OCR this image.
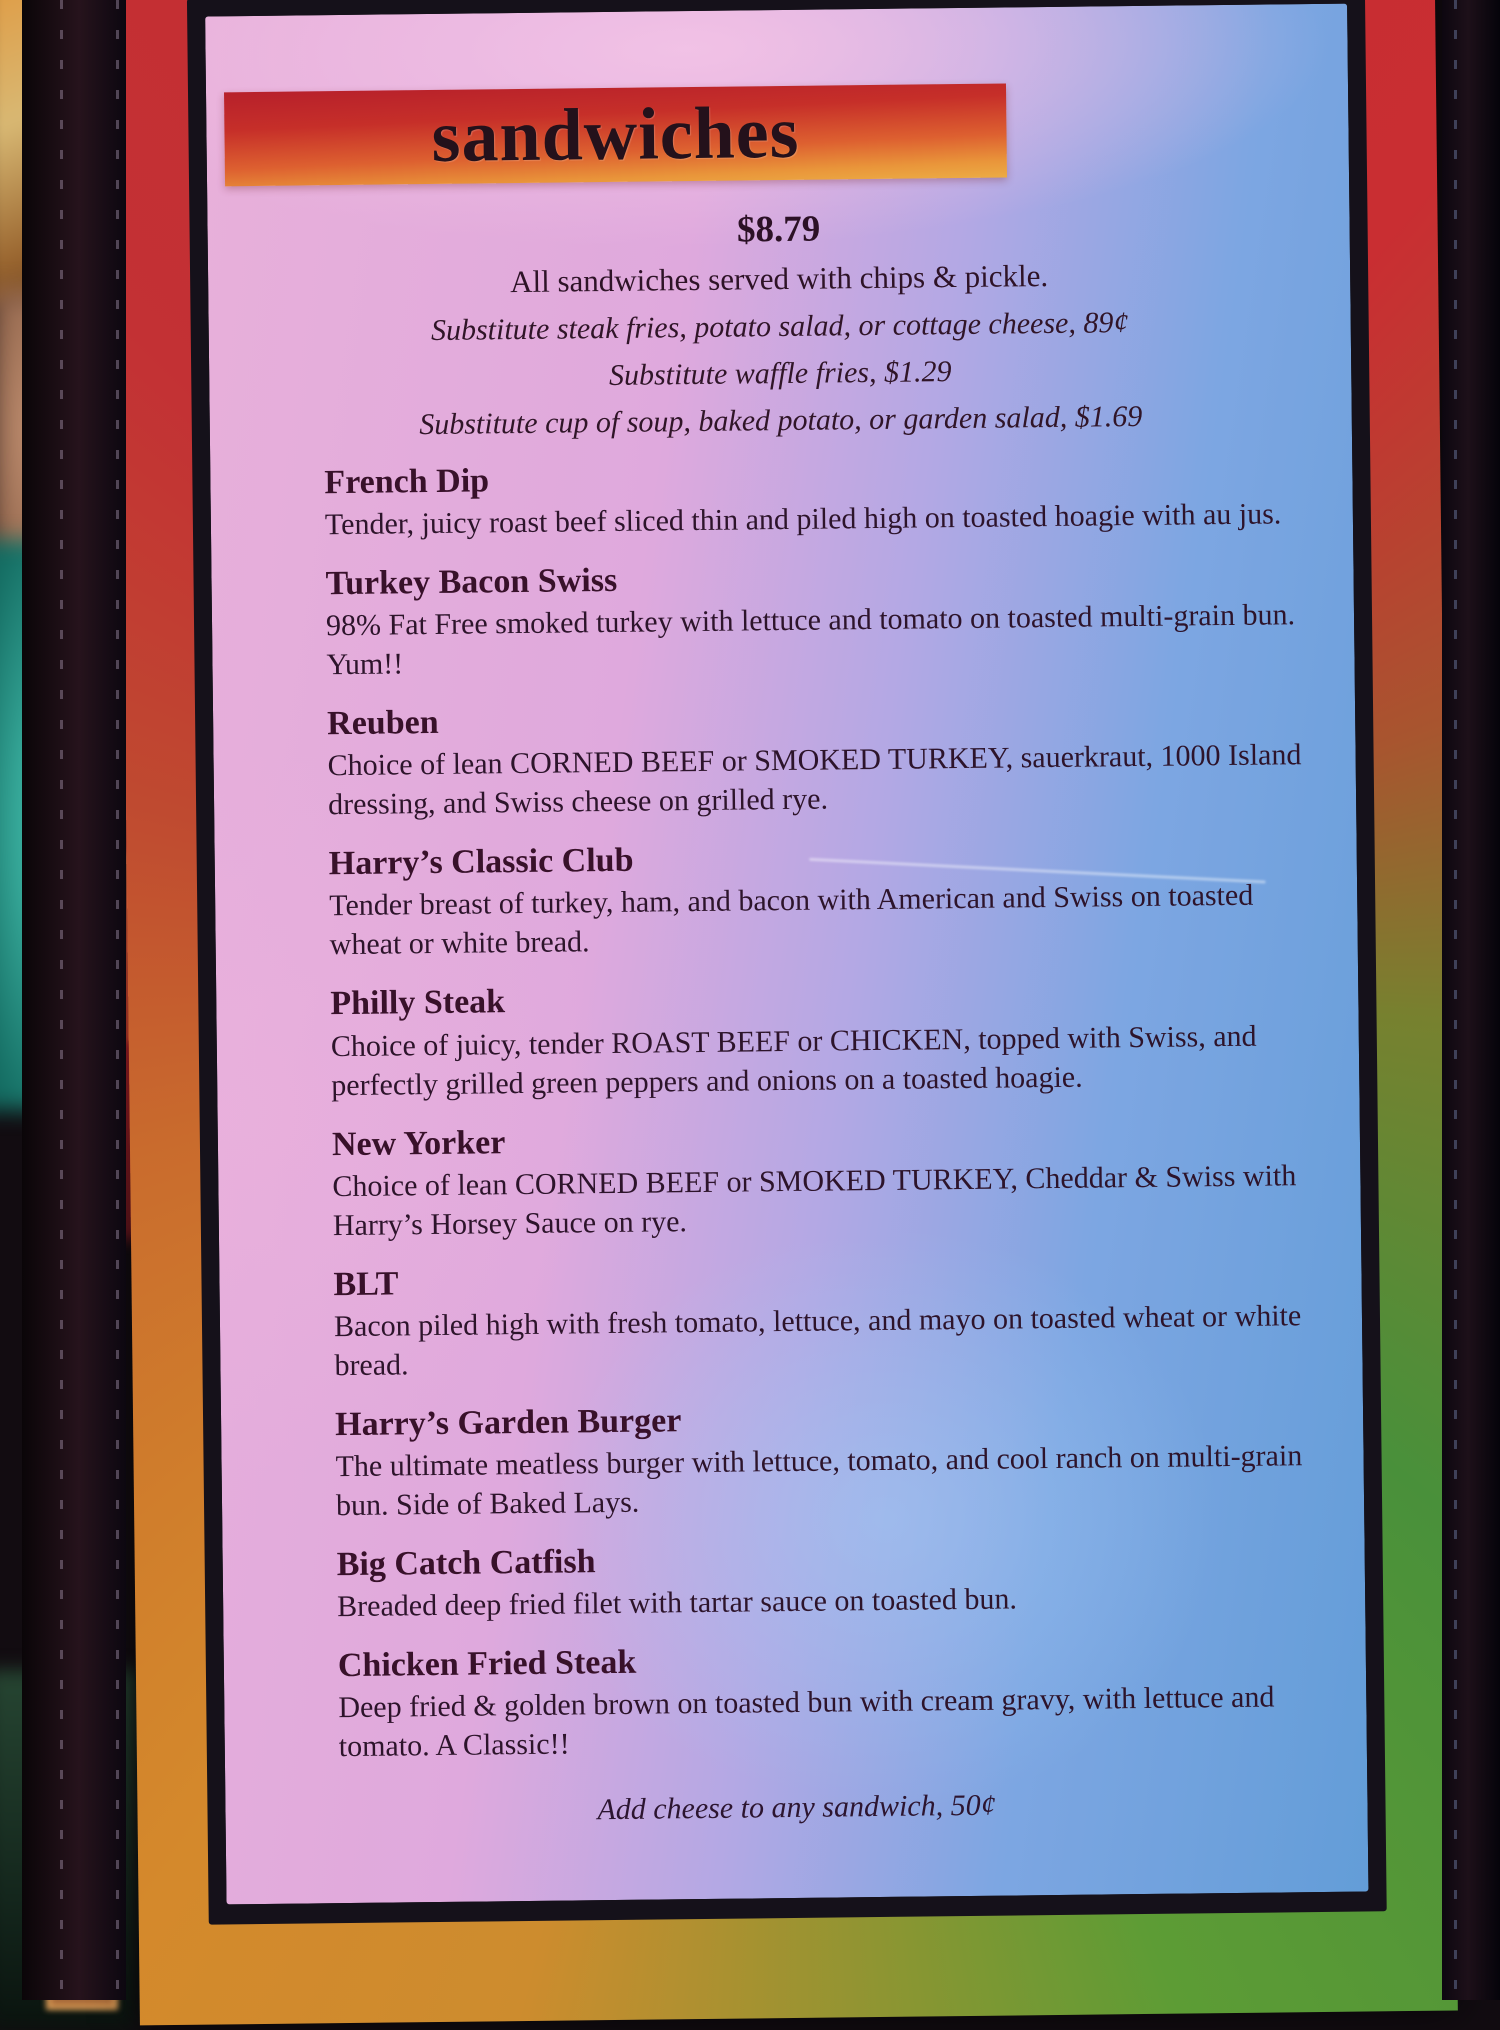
sandwiches
$8.79
All sandwiches served with chips & pickle.
Substitute steak fries, potato salad, or cottage cheese, 89¢
Substitute waffle fries, $1.29
Substitute cup of soup, baked potato, or garden salad, $1.69
French Dip
Tender, juicy roast beef sliced thin and piled high on toasted hoagie with au jus.
Turkey Bacon Swiss
98% Fat Free smoked turkey with lettuce and tomato on toasted multi-grain bun. Yum!!
Reuben
Choice of lean CORNED BEEF or SMOKED TURKEY, sauerkraut, 1000 Island dressing, and Swiss cheese on grilled rye.
Harry’s Classic Club
Tender breast of turkey, ham, and bacon with American and Swiss on toasted wheat or white bread.
Philly Steak
Choice of juicy, tender ROAST BEEF or CHICKEN, topped with Swiss, and perfectly grilled green peppers and onions on a toasted hoagie.
New Yorker
Choice of lean CORNED BEEF or SMOKED TURKEY, Cheddar & Swiss with Harry’s Horsey Sauce on rye.
BLT
Bacon piled high with fresh tomato, lettuce, and mayo on toasted wheat or white bread.
Harry’s Garden Burger
The ultimate meatless burger with lettuce, tomato, and cool ranch on multi-grain bun. Side of Baked Lays.
Big Catch Catfish
Breaded deep fried filet with tartar sauce on toasted bun.
Chicken Fried Steak
Deep fried & golden brown on toasted bun with cream gravy, with lettuce and tomato. A Classic!!
Add cheese to any sandwich, 50¢
